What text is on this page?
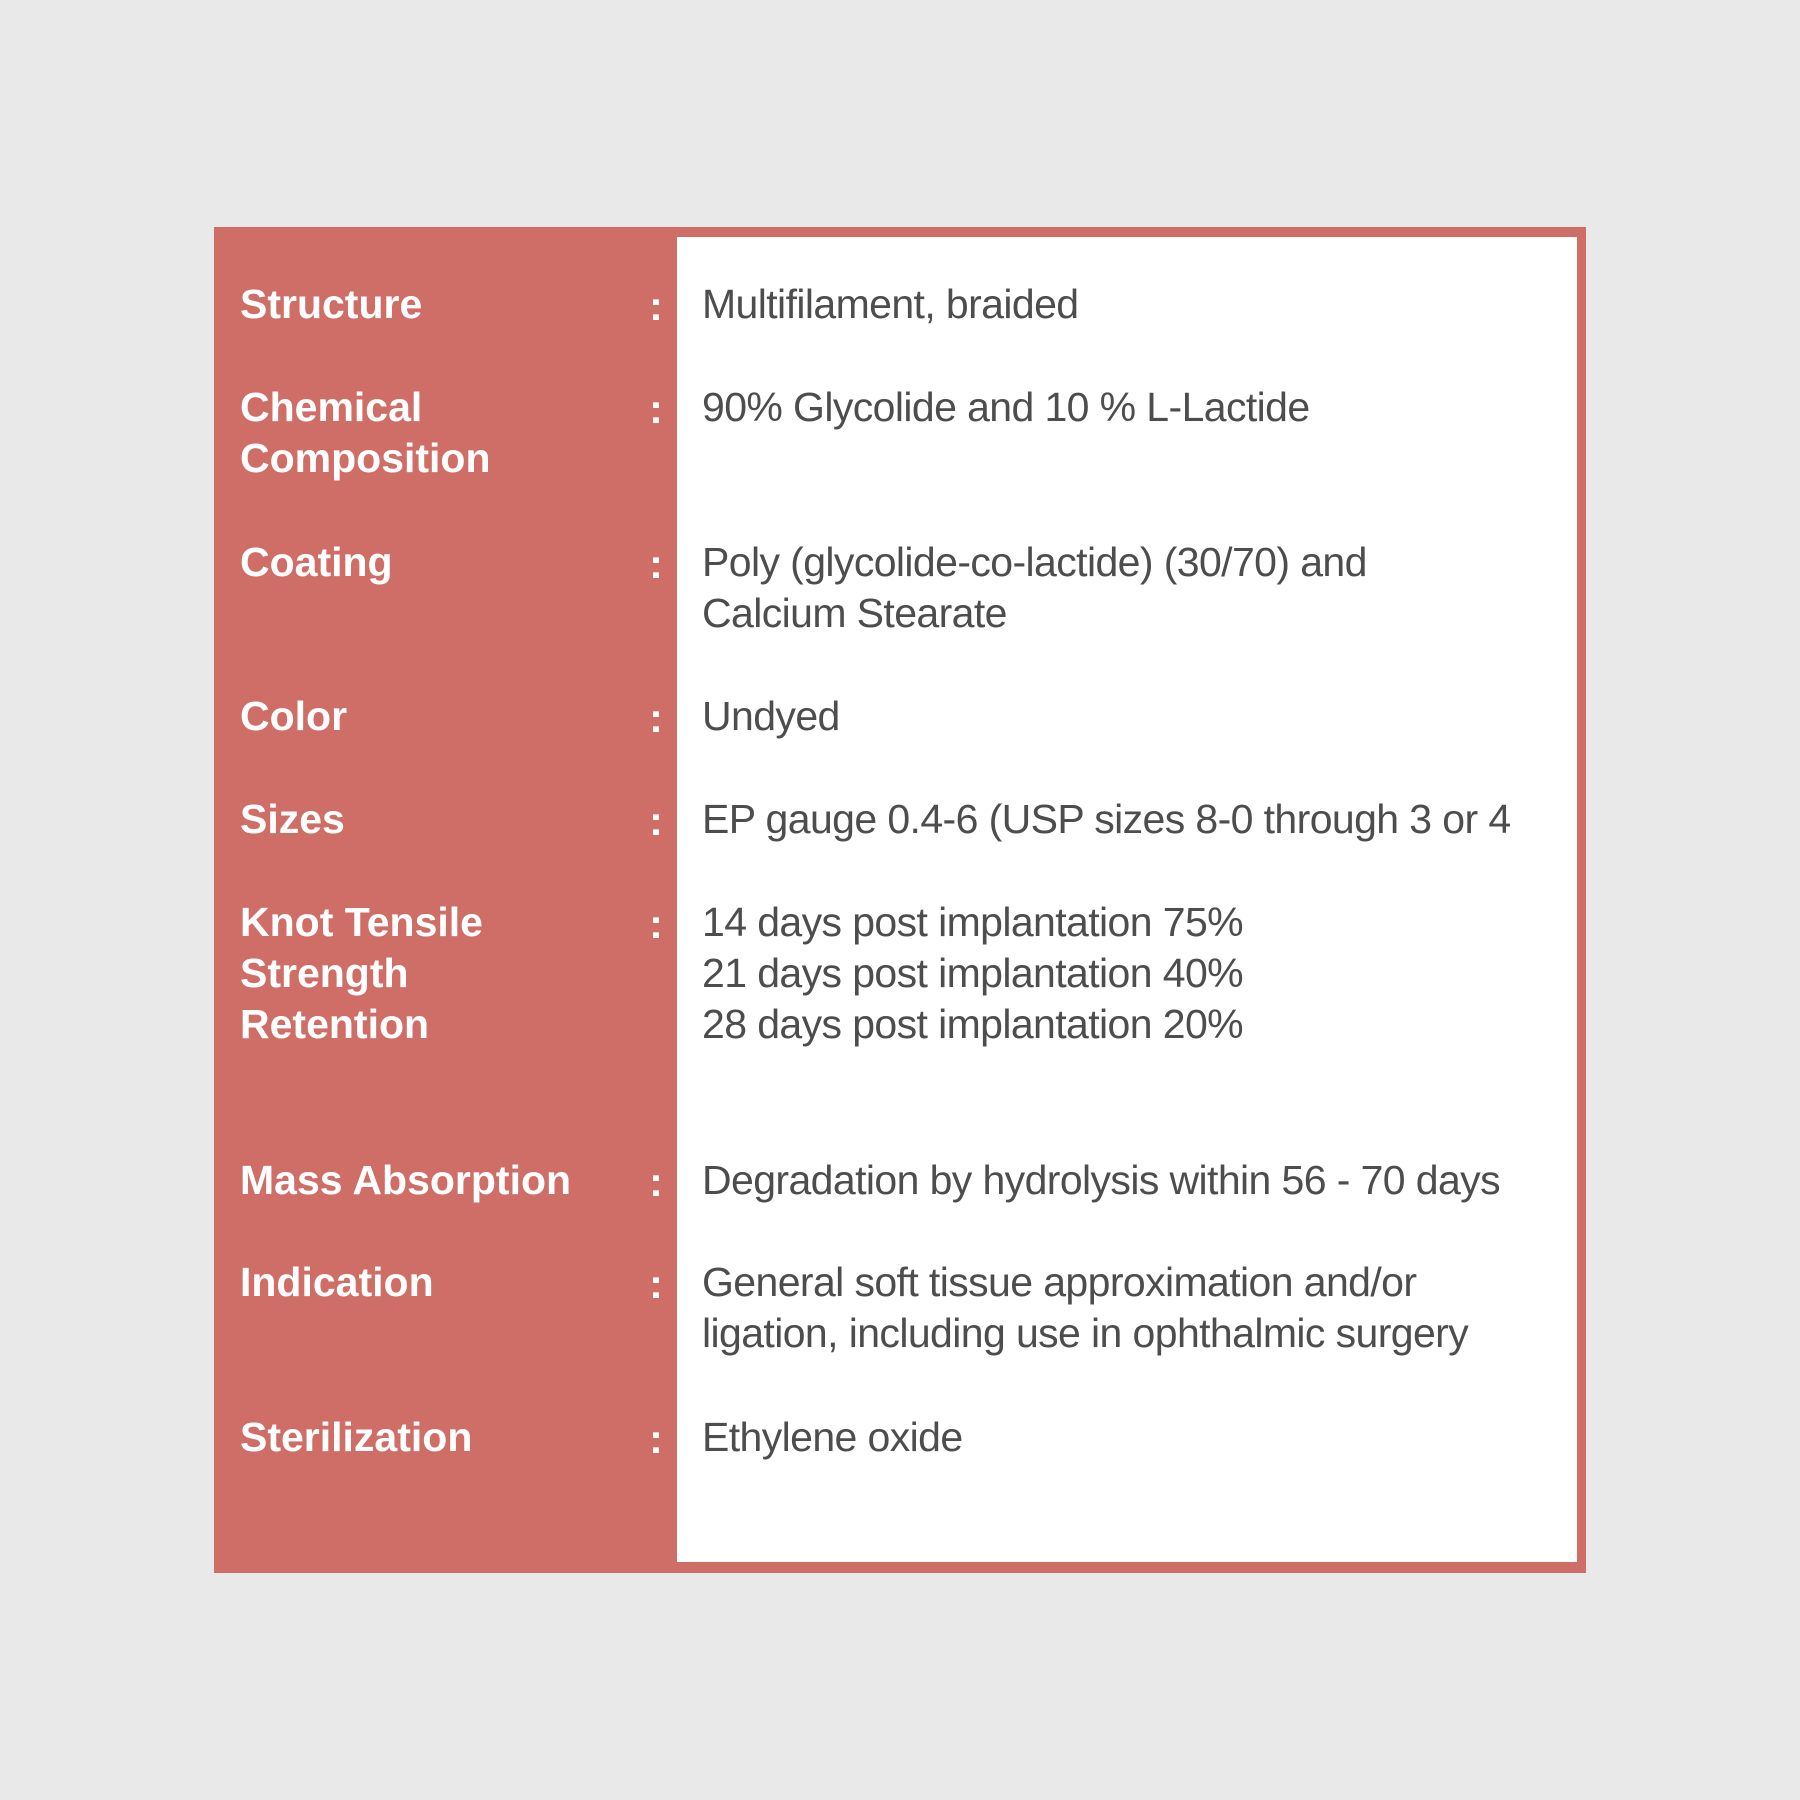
Structure	: Multifilament, braided
Chemical
Composition
: 90% Glycolide and 10 % L-Lactide
Coating	: Poly (glycolide-co-lactide) (30/70) and
Calcium Stearate
Color	: Undyed
Sizes	: EP gauge 0.4-6 (USP sizes 8-0 through 3 or 4
Knot Tensile
Strength
Retention
: 14 days post implantation 75%
21 days post implantation 40%
28 days post implantation 20%
Mass Absorption	: Degradation by hydrolysis within 56 - 70 days
Indication	: General soft tissue approximation and/or
ligation, including use in ophthalmic surgery
Sterilization	: Ethylene oxide
